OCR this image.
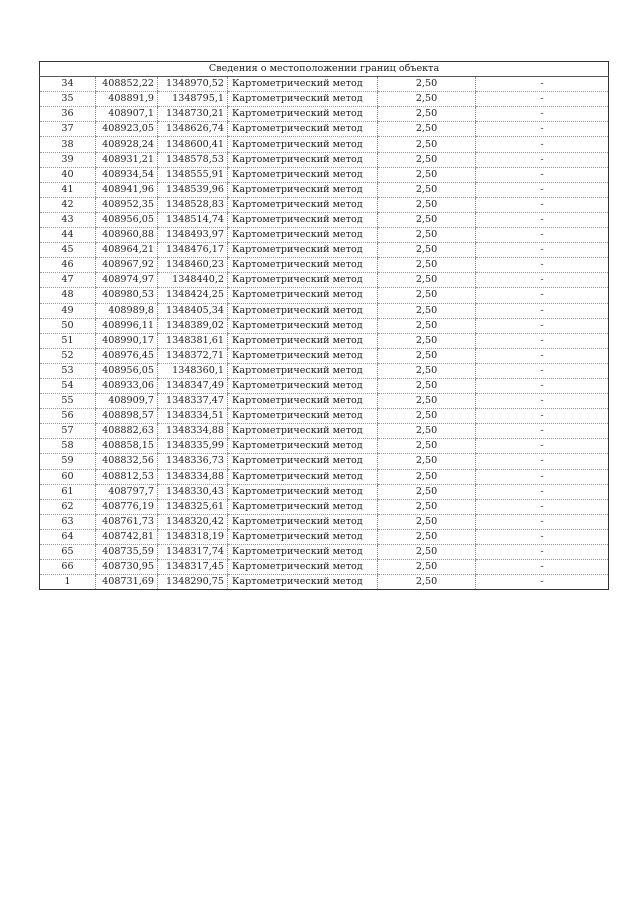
Сведения о местоположении границ объекта					
34	408852,22	1348970,52	Картометрический метод	2,50	-
35	408891,9	1348795,1	Картометрический метод	2,50	-
36	408907,1	1348730,21	Картометрический метод	2,50	-
37	408923,05	1348626,74	Картометрический метод	2,50	-
38	408928,24	1348600,41	Картометрический метод	2,50	-
39	408931,21	1348578,53	Картометрический метод	2,50	-
40	408934,54	1348555,91	Картометрический метод	2,50	-
41	408941,96	1348539,96	Картометрический метод	2,50	-
42	408952,35	1348528,83	Картометрический метод	2,50	-
43	408956,05	1348514,74	Картометрический метод	2,50	-
44	408960,88	1348493,97	Картометрический метод	2,50	-
45	408964,21	1348476,17	Картометрический метод	2,50	-
46	408967,92	1348460,23	Картометрический метод	2,50	-
47	408974,97	1348440,2	Картометрический метод	2,50	-
48	408980,53	1348424,25	Картометрический метод	2,50	-
49	408989,8	1348405,34	Картометрический метод	2,50	-
50	408996,11	1348389,02	Картометрический метод	2,50	-
51	408990,17	1348381,61	Картометрический метод	2,50	-
52	408976,45	1348372,71	Картометрический метод	2,50	-
53	408956,05	1348360,1	Картометрический метод	2,50	-
54	408933,06	1348347,49	Картометрический метод	2,50	-
55	408909,7	1348337,47	Картометрический метод	2,50	-
56	408898,57	1348334,51	Картометрический метод	2,50	-
57	408882,63	1348334,88	Картометрический метод	2,50	-
58	408858,15	1348335,99	Картометрический метод	2,50	-
59	408832,56	1348336,73	Картометрический метод	2,50	-
60	408812,53	1348334,88	Картометрический метод	2,50	-
61	408797,7	1348330,43	Картометрический метод	2,50	-
62	408776,19	1348325,61	Картометрический метод	2,50	-
63	408761,73	1348320,42	Картометрический метод	2,50	-
64	408742,81	1348318,19	Картометрический метод	2,50	-
65	408735,59	1348317,74	Картометрический метод	2,50	-
66	408730,95	1348317,45	Картометрический метод	2,50	-
1	408731,69	1348290,75	Картометрический метод	2,50	-
